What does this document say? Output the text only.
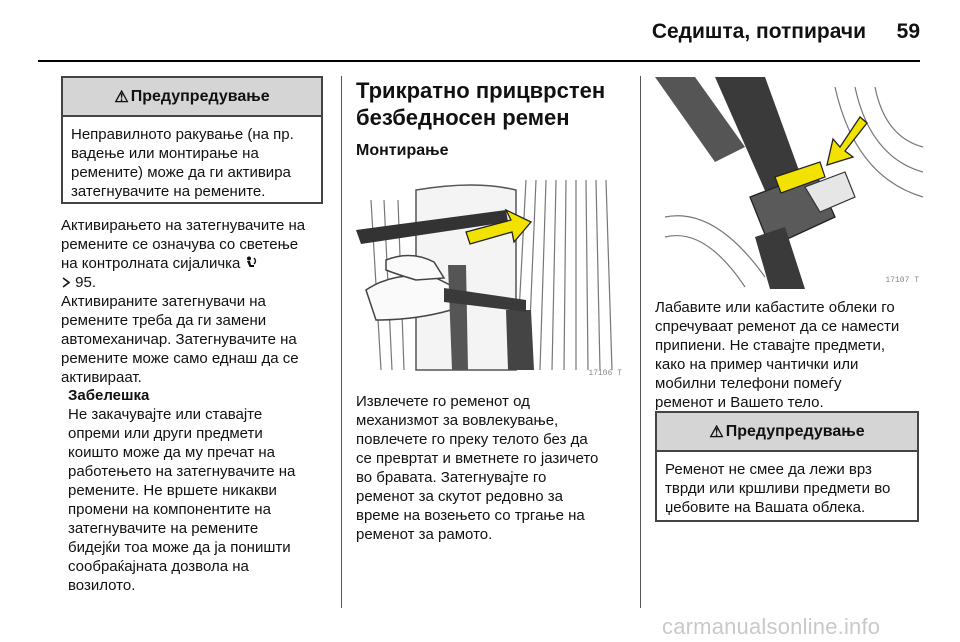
Седишта, потпирачи 59
⚠ Предупредување
Неправилното ракување (на пр. вадење или монтирање на ремените) може да ги активира затегнувачите на ремените.
Активирањето на затегнувачите на
ремените се означува со светење
на контролната сијаличка
95.
Активираните затегнувачи на
ремените треба да ги замени
автомеханичар. Затегнувачите на
ремените може само еднаш да се
активираат.
Забелешка
Не закачувајте или ставајте
опреми или други предмети
коишто може да му пречат на
работењето на затегнувачите на
ремените. Не вршете никакви
промени на компонентите на
затегнувачите на ремените
бидејќи тоа може да ја поништи
сообраќајната дозвола на
возилото.
Трикратно прицврстен
безбедносен ремен
Монтирање
17106 T
Извлечете го ременот од
механизмот за вовлекување,
повлечете го преку телото без да
се превртат и вметнете го јазичето
во бравата. Затегнувајте го
ременот за скутот редовно за
време на возењето со тргање на
ременот за рамото.
17107 T
Лабавите или кабастите облеки го
спречуваат ременот да се намести
припиени. Не ставајте предмети,
како на пример чантички или
мобилни телефони помеѓу
ременот и Вашето тело.
⚠ Предупредување
Ременот не смее да лежи врз
тврди или кршливи предмети во
џебовите на Вашата облека.
carmanualsonline.info
